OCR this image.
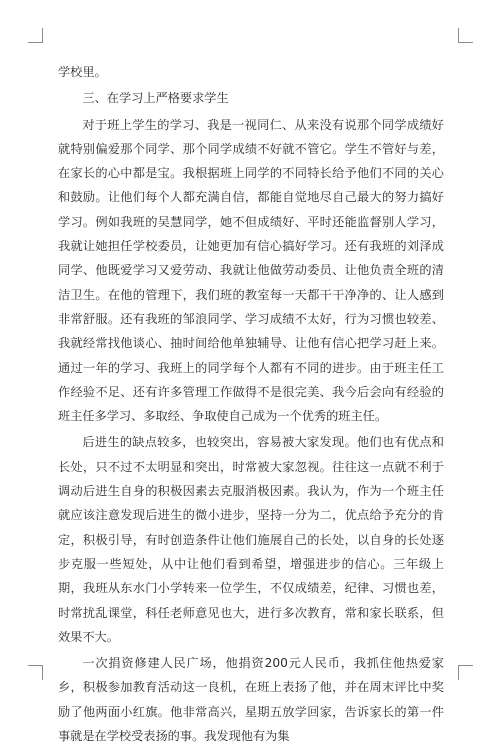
学校里。

三、在学习上严格要求学生

对于班上学生的学习、我是一视同仁、从来没有说那个同学成绩好就特别偏爱那个同学、那个同学成绩不好就不管它。学生不管好与差，在家长的心中都是宝。我根据班上同学的不同特长给予他们不同的关心和鼓励。让他们每个人都充满自信，都能自觉地尽自己最大的努力搞好学习。例如我班的吴慧同学，她不但成绩好、平时还能监督别人学习，我就让她担任学校委员，让她更加有信心搞好学习。还有我班的刘泽成同学、他既爱学习又爱劳动、我就让他做劳动委员、让他负责全班的清洁卫生。在他的管理下，我们班的教室每一天都干干净净的、让人感到非常舒服。还有我班的邹浪同学、学习成绩不太好，行为习惯也较差、我就经常找他谈心、抽时间给他单独辅导、让他有信心把学习赶上来。通过一年的学习、我班上的同学每个人都有不同的进步。由于班主任工作经验不足、还有许多管理工作做得不是很完美、我今后会向有经验的班主任多学习、多取经、争取使自己成为一个优秀的班主任。

后进生的缺点较多，也较突出，容易被大家发现。他们也有优点和长处，只不过不太明显和突出，时常被大家忽视。往往这一点就不利于调动后进生自身的积极因素去克服消极因素。我认为，作为一个班主任就应该注意发现后进生的微小进步，坚持一分为二，优点给予充分的肯定，积极引导，有时创造条件让他们施展自己的长处，以自身的长处逐步克服一些短处，从中让他们看到希望，增强进步的信心。三年级上期，我班从东水门小学转来一位学生，不仅成绩差，纪律、习惯也差，时常扰乱课堂，科任老师意见也大，进行多次教育，常和家长联系，但效果不大。

一次捐资修建人民广场，他捐资200元人民币，我抓住他热爱家乡，积极参加教育活动这一良机，在班上表扬了他，并在周末评比中奖励了他两面小红旗。他非常高兴，星期五放学回家，告诉家长的第一件事就是在学校受表扬的事。我发现他有为集
